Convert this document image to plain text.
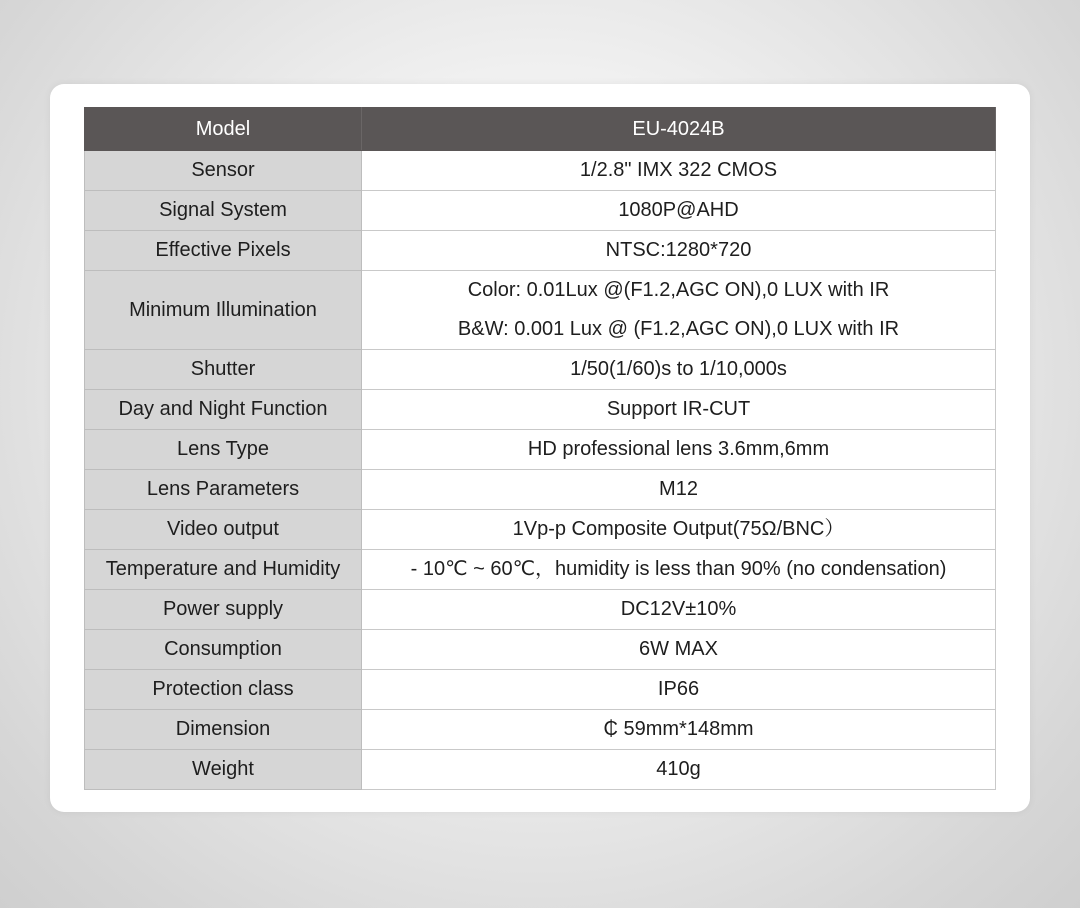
Model	EU-4024B
Sensor	1/2.8" IMX 322 CMOS

Signal System	1080P@AHD

Effective Pixels	NTSC:1280*720

Minimum Illumination	Color: 0.01Lux @(F1.2,AGC ON),0 LUX with IR
B&W: 0.001 Lux @ (F1.2,AGC ON),0 LUX with IR

Shutter	1/50(1/60)s to 1/10,000s

Day and Night Function	Support IR-CUT

Lens Type	HD professional lens 3.6mm,6mm

Lens Parameters	M12

Video output	1Vp-p Composite Output(75Ω/BNC）

Temperature and Humidity	- 10℃ ~ 60℃，humidity is less than 90% (no condensation)

Power supply	DC12V±10%

Consumption	6W MAX

Protection class	IP66

Dimension	₵ 59mm*148mm

Weight	410g
